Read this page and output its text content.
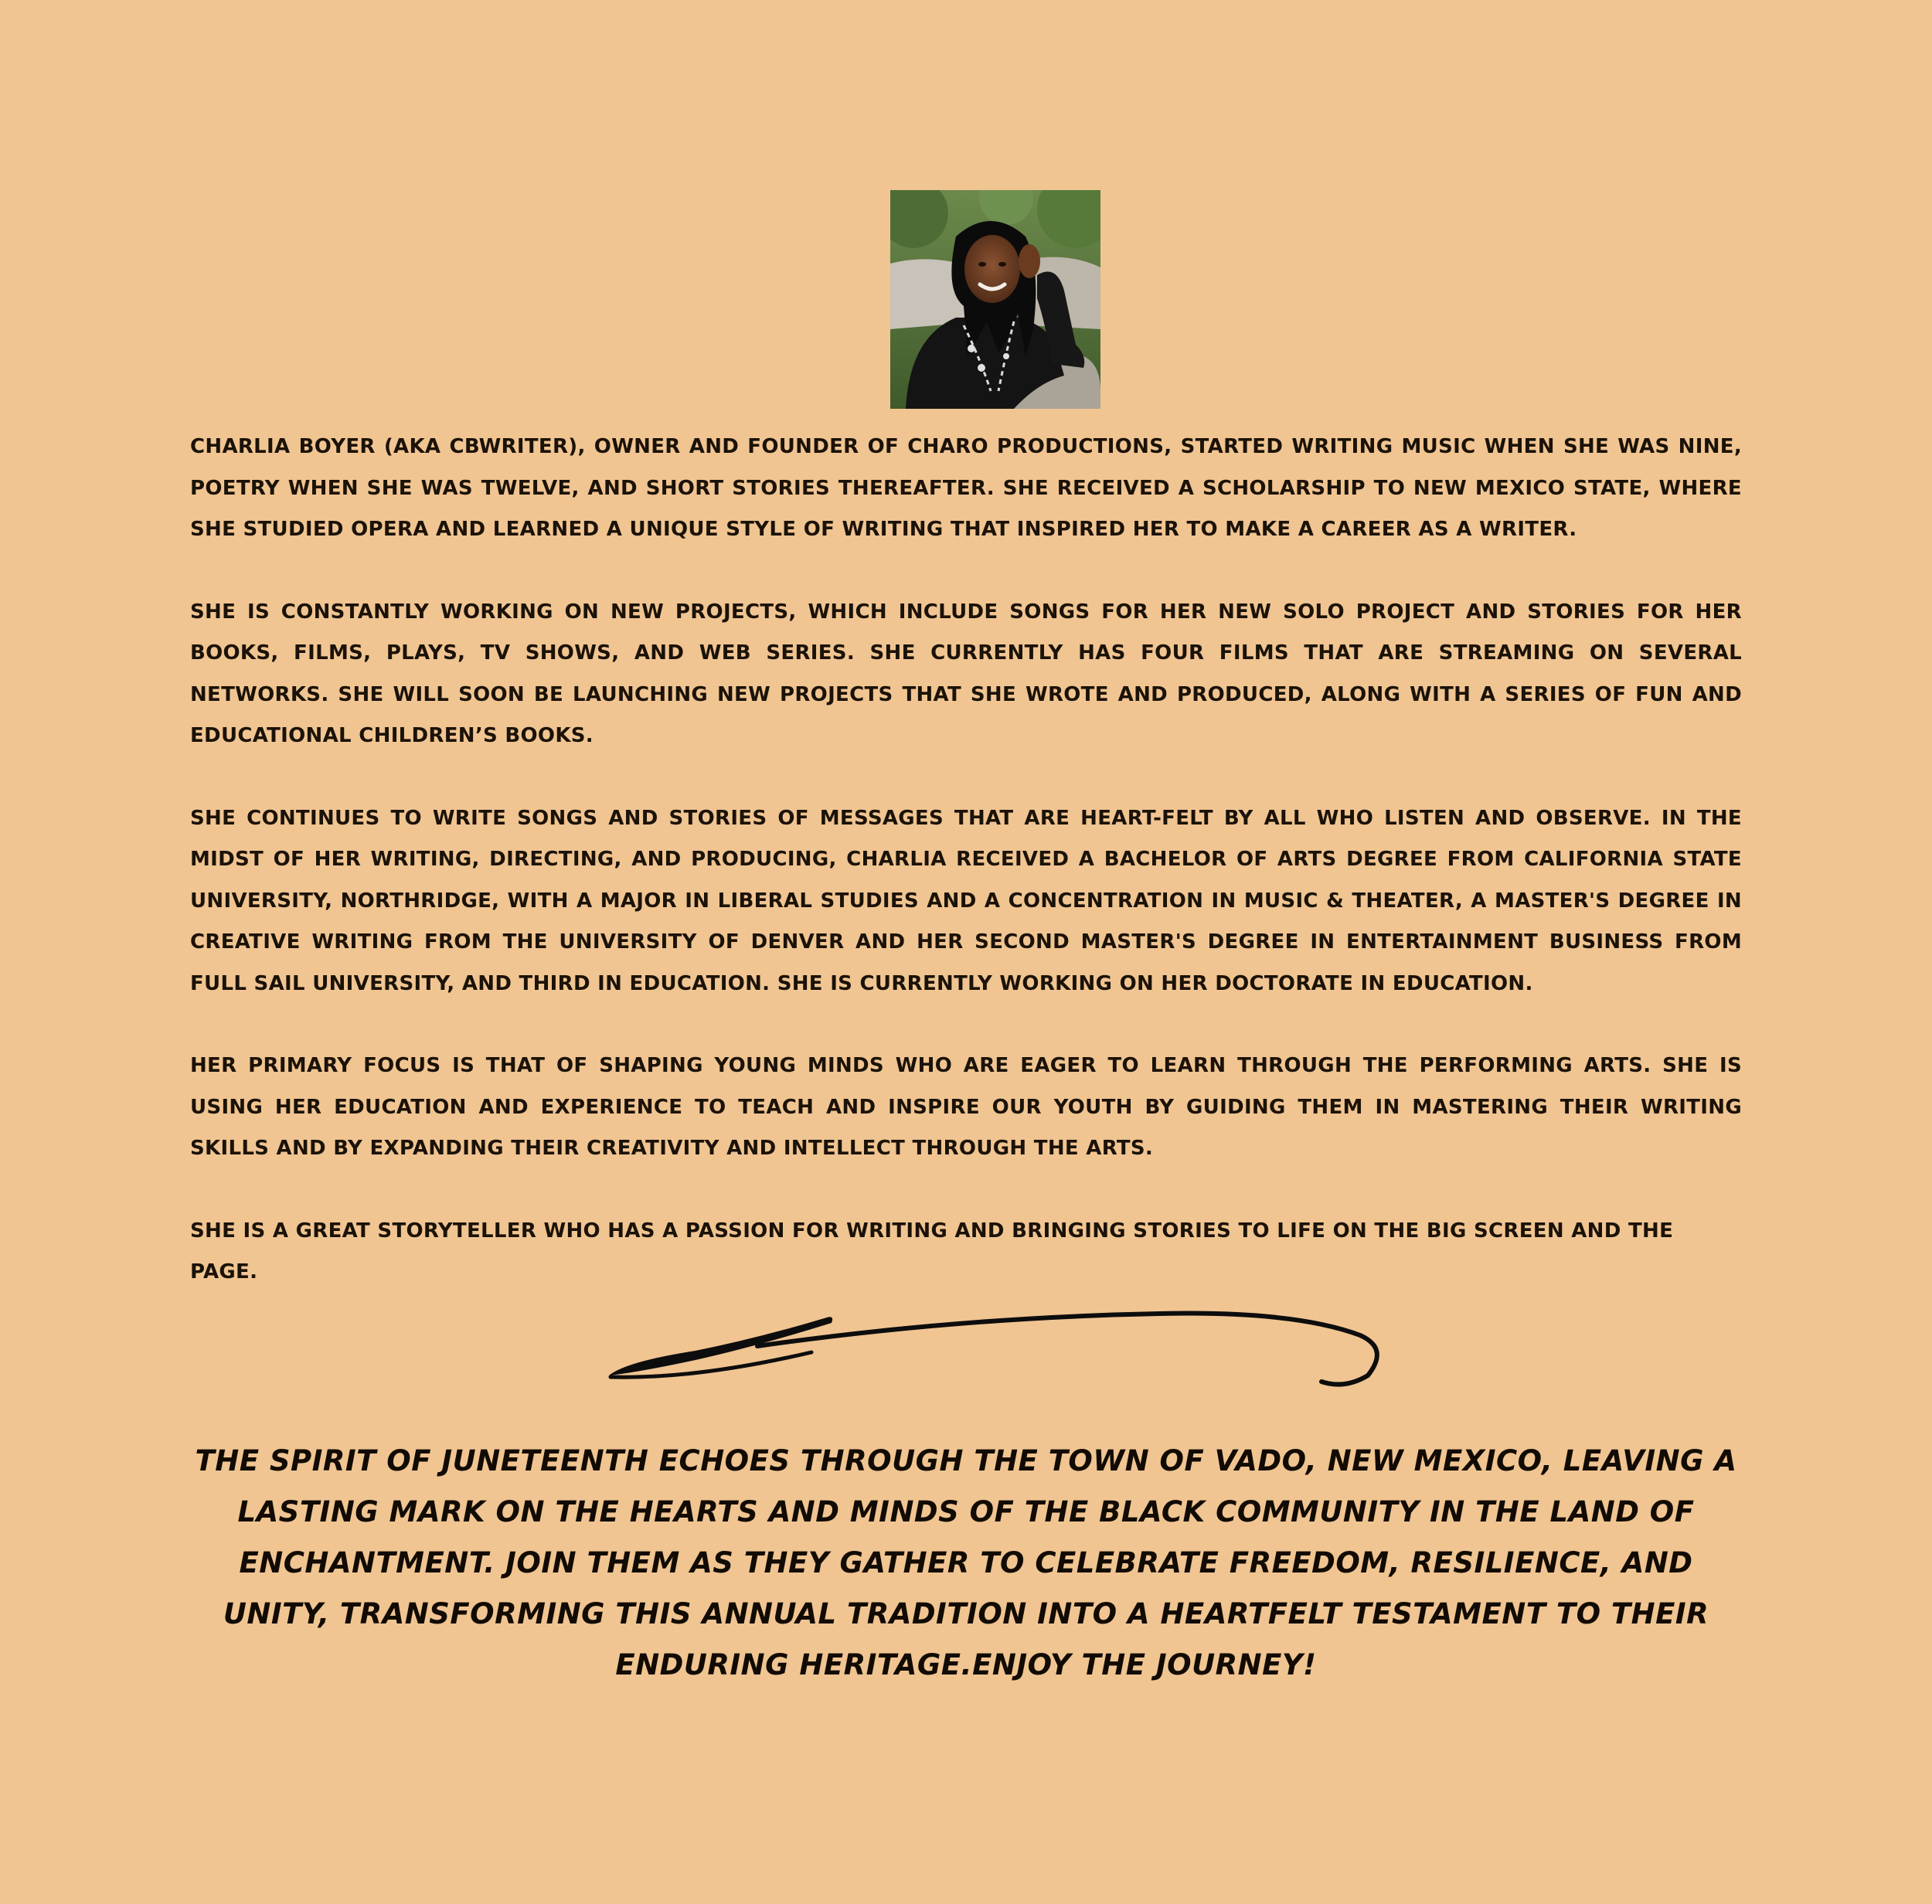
CHARLIA BOYER (AKA CBWRITER), OWNER AND FOUNDER OF CHARO PRODUCTIONS, STARTED WRITING MUSIC WHEN SHE WAS NINE, POETRY WHEN SHE WAS TWELVE, AND SHORT STORIES THEREAFTER. SHE RECEIVED A SCHOLARSHIP TO NEW MEXICO STATE, WHERE SHE STUDIED OPERA AND LEARNED A UNIQUE STYLE OF WRITING THAT INSPIRED HER TO MAKE A CAREER AS A WRITER.

SHE IS CONSTANTLY WORKING ON NEW PROJECTS, WHICH INCLUDE SONGS FOR HER NEW SOLO PROJECT AND STORIES FOR HER BOOKS, FILMS, PLAYS, TV SHOWS, AND WEB SERIES. SHE CURRENTLY HAS FOUR FILMS THAT ARE STREAMING ON SEVERAL NETWORKS. SHE WILL SOON BE LAUNCHING NEW PROJECTS THAT SHE WROTE AND PRODUCED, ALONG WITH A SERIES OF FUN AND EDUCATIONAL CHILDREN’S BOOKS.

SHE CONTINUES TO WRITE SONGS AND STORIES OF MESSAGES THAT ARE HEART-FELT BY ALL WHO LISTEN AND OBSERVE. IN THE MIDST OF HER WRITING, DIRECTING, AND PRODUCING, CHARLIA RECEIVED A BACHELOR OF ARTS DEGREE FROM CALIFORNIA STATE UNIVERSITY, NORTHRIDGE, WITH A MAJOR IN LIBERAL STUDIES AND A CONCENTRATION IN MUSIC & THEATER, A MASTER'S DEGREE IN CREATIVE WRITING FROM THE UNIVERSITY OF DENVER AND HER SECOND MASTER'S DEGREE IN ENTERTAINMENT BUSINESS FROM FULL SAIL UNIVERSITY, AND THIRD IN EDUCATION. SHE IS CURRENTLY WORKING ON HER DOCTORATE IN EDUCATION.

HER PRIMARY FOCUS IS THAT OF SHAPING YOUNG MINDS WHO ARE EAGER TO LEARN THROUGH THE PERFORMING ARTS. SHE IS USING HER EDUCATION AND EXPERIENCE TO TEACH AND INSPIRE OUR YOUTH BY GUIDING THEM IN MASTERING THEIR WRITING SKILLS AND BY EXPANDING THEIR CREATIVITY AND INTELLECT THROUGH THE ARTS.

SHE IS A GREAT STORYTELLER WHO HAS A PASSION FOR WRITING AND BRINGING STORIES TO LIFE ON THE BIG SCREEN AND THE PAGE.

THE SPIRIT OF JUNETEENTH ECHOES THROUGH THE TOWN OF VADO, NEW MEXICO, LEAVING A LASTING MARK ON THE HEARTS AND MINDS OF THE BLACK COMMUNITY IN THE LAND OF ENCHANTMENT. JOIN THEM AS THEY GATHER TO CELEBRATE FREEDOM, RESILIENCE, AND UNITY, TRANSFORMING THIS ANNUAL TRADITION INTO A HEARTFELT TESTAMENT TO THEIR ENDURING HERITAGE.ENJOY THE JOURNEY!
